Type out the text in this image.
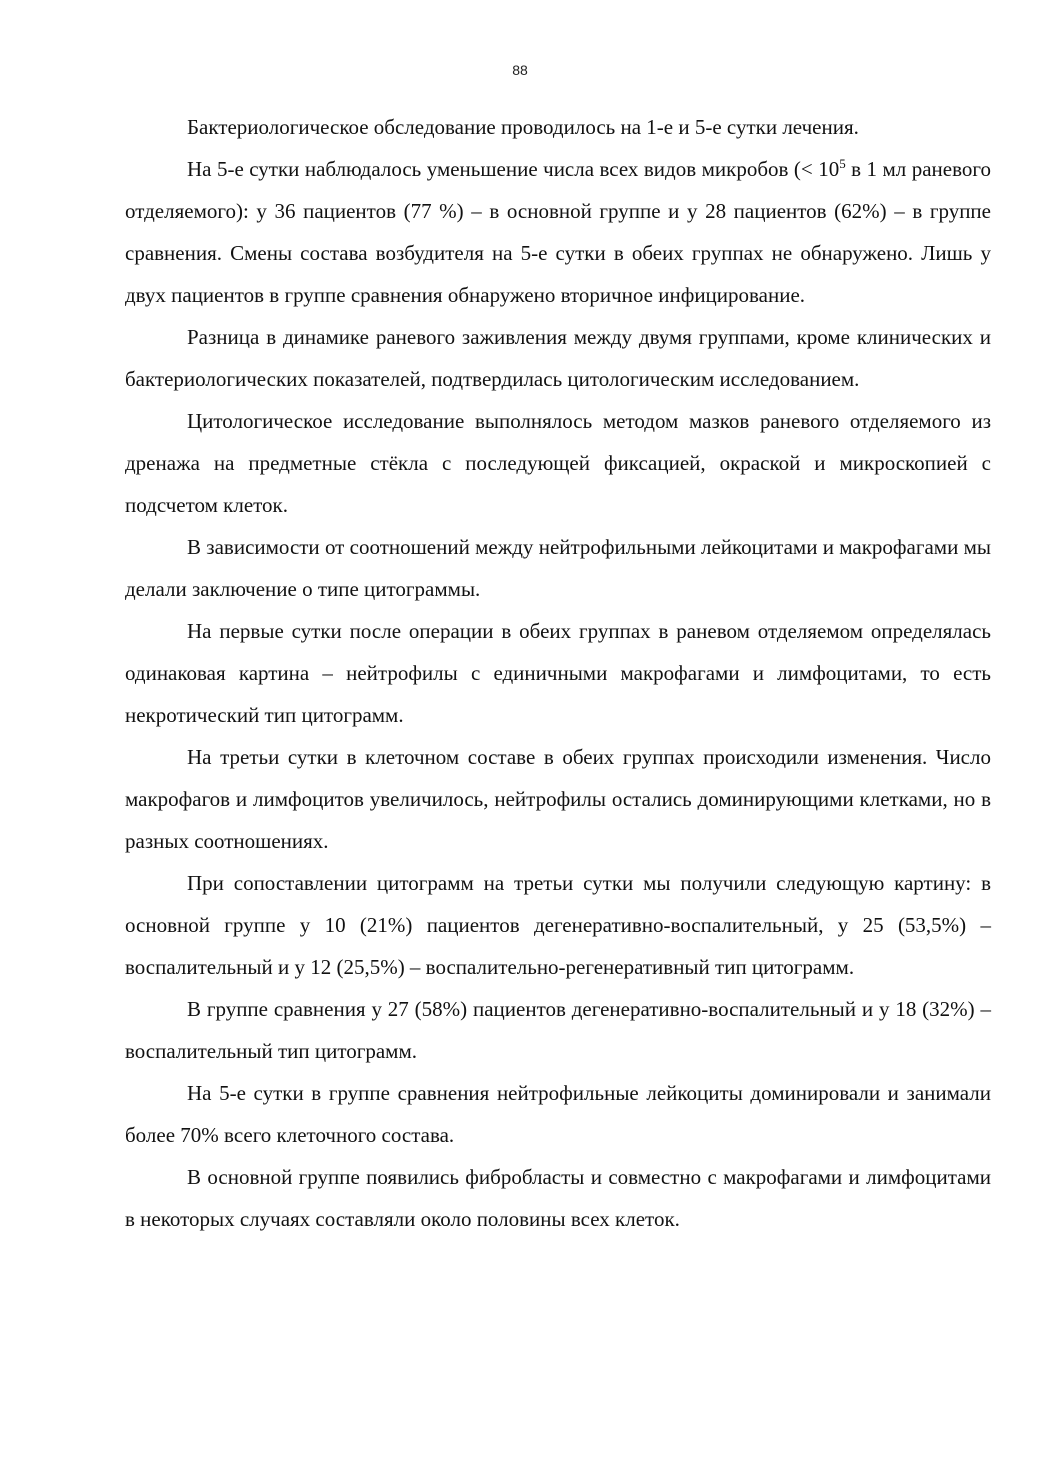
88

Бактериологическое обследование проводилось на 1-е и 5-е сутки лечения.

На 5-е сутки наблюдалось уменьшение числа всех видов микробов (< $10^5$ в 1 мл раневого отделяемого): у 36 пациентов (77 %) – в основной группе и у 28 пациентов (62%) – в группе сравнения. Смены состава возбудителя на 5-е сутки в обеих группах не обнаружено. Лишь у двух пациентов в группе сравнения обнаружено вторичное инфицирование.

Разница в динамике раневого заживления между двумя группами, кроме клинических и бактериологических показателей, подтвердилась цитологическим исследованием.

Цитологическое исследование выполнялось методом мазков раневого отделяемого из дренажа на предметные стёкла с последующей фиксацией, окраской и микроскопией с подсчетом клеток.

В зависимости от соотношений между нейтрофильными лейкоцитами и макрофагами мы делали заключение о типе цитограммы.

На первые сутки после операции в обеих группах в раневом отделяемом определялась одинаковая картина – нейтрофилы с единичными макрофагами и лимфоцитами, то есть некротический тип цитограмм.

На третьи сутки в клеточном составе в обеих группах происходили изменения. Число макрофагов и лимфоцитов увеличилось, нейтрофилы остались доминирующими клетками, но в разных соотношениях.

При сопоставлении цитограмм на третьи сутки мы получили следующую картину: в основной группе у 10 (21%) пациентов дегенеративно-воспалительный, у 25 (53,5%) – воспалительный и у 12 (25,5%) – воспалительно-регенеративный тип цитограмм.

В группе сравнения у 27 (58%) пациентов дегенеративно-воспалительный и у 18 (32%) – воспалительный тип цитограмм.

На 5-е сутки в группе сравнения нейтрофильные лейкоциты доминировали и занимали более 70% всего клеточного состава.

В основной группе появились фибробласты и совместно с макрофагами и лимфоцитами в некоторых случаях составляли около половины всех клеток.
